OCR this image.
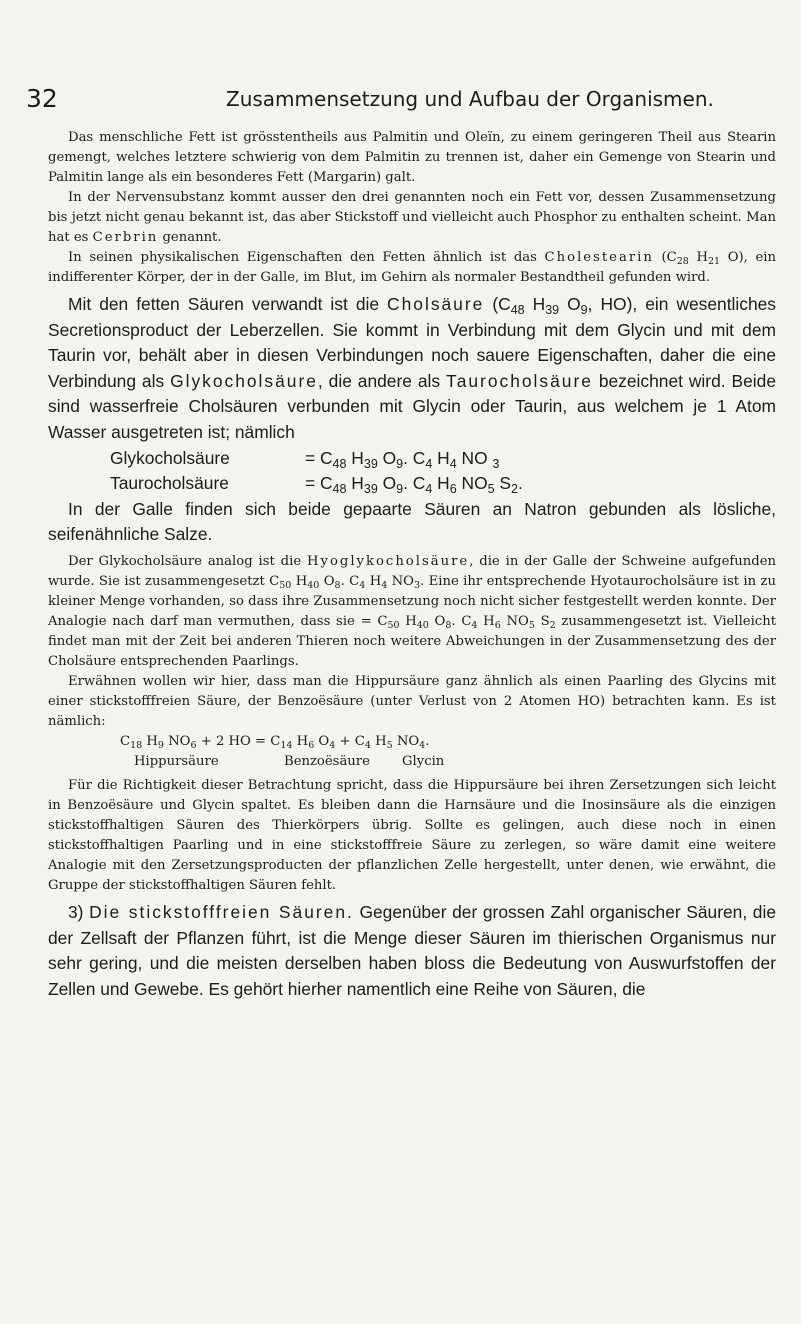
32	Zusammensetzung und Aufbau der Organismen.

Das menschliche Fett ist grösstentheils aus Palmitin und Oleïn, zu einem geringeren Theil aus Stearin gemengt, welches letztere schwierig von dem Palmitin zu trennen ist, daher ein Gemenge von Stearin und Palmitin lange als ein besonderes Fett (Margarin) galt.

In der Nervensubstanz kommt ausser den drei genannten noch ein Fett vor, dessen Zusammensetzung bis jetzt nicht genau bekannt ist, das aber Stickstoff und vielleicht auch Phosphor zu enthalten scheint. Man hat es Cerbrin genannt.

In seinen physikalischen Eigenschaften den Fetten ähnlich ist das Cholestearin ($C_{28}$ $H_{21}$ O), ein indifferenter Körper, der in der Galle, im Blut, im Gehirn als normaler Bestandtheil gefunden wird.

Mit den fetten Säuren verwandt ist die Cholsäure ($C_{48}$ $H_{39}$ $O_9$, HO), ein wesentliches Secretionsproduct der Leberzellen. Sie kommt in Verbindung mit dem Glycin und mit dem Taurin vor, behält aber in diesen Verbindungen noch sauere Eigenschaften, daher die eine Verbindung als Glykocholsäure, die andere als Taurocholsäure bezeichnet wird. Beide sind wasserfreie Cholsäuren verbunden mit Glycin oder Taurin, aus welchem je 1 Atom Wasser ausgetreten ist; nämlich

Glykocholsäure	= $C_{48}$ $H_{39}$ $O_9$. $C_4$ $H_4$ NO $_3$
Taurocholsäure	= $C_{48}$ $H_{39}$ $O_9$. $C_4$ $H_6$ $NO_5$ $S_2$.

In der Galle finden sich beide gepaarte Säuren an Natron gebunden als lösliche, seifenähnliche Salze.

Der Glykocholsäure analog ist die Hyoglykocholsäure, die in der Galle der Schweine aufgefunden wurde. Sie ist zusammengesetzt $C_{50}$ $H_{40}$ $O_8$. $C_4$ $H_4$ $NO_3$. Eine ihr entsprechende Hyotaurocholsäure ist in zu kleiner Menge vorhanden, so dass ihre Zusammensetzung noch nicht sicher festgestellt werden konnte. Der Analogie nach darf man vermuthen, dass sie = $C_{50}$ $H_{40}$ $O_8$. $C_4$ $H_6$ $NO_5$ $S_2$ zusammengesetzt ist. Vielleicht findet man mit der Zeit bei anderen Thieren noch weitere Abweichungen in der Zusammensetzung des der Cholsäure entsprechenden Paarlings.

Erwähnen wollen wir hier, dass man die Hippursäure ganz ähnlich als einen Paarling des Glycins mit einer stickstofffreien Säure, der Benzoësäure (unter Verlust von 2 Atomen HO) betrachten kann. Es ist nämlich:

$C_{18}$ $H_9$ $NO_6 + 2$ HO = $C_{14}$ $H_6$ $O_4 + C_4$ $H_5$ $NO_4$.
Hippursäure	Benzoësäure Glycin

Für die Richtigkeit dieser Betrachtung spricht, dass die Hippursäure bei ihren Zersetzungen sich leicht in Benzoësäure und Glycin spaltet. Es bleiben dann die Harnsäure und die Inosinsäure als die einzigen stickstoffhaltigen Säuren des Thierkörpers übrig. Sollte es gelingen, auch diese noch in einen stickstoffhaltigen Paarling und in eine stickstofffreie Säure zu zerlegen, so wäre damit eine weitere Analogie mit den Zersetzungsproducten der pflanzlichen Zelle hergestellt, unter denen, wie erwähnt, die Gruppe der stickstoffhaltigen Säuren fehlt.

3) Die stickstofffreien Säuren. Gegenüber der grossen Zahl organischer Säuren, die der Zellsaft der Pflanzen führt, ist die Menge dieser Säuren im thierischen Organismus nur sehr gering, und die meisten derselben haben bloss die Bedeutung von Auswurfstoffen der Zellen und Gewebe. Es gehört hierher namentlich eine Reihe von Säuren, die
